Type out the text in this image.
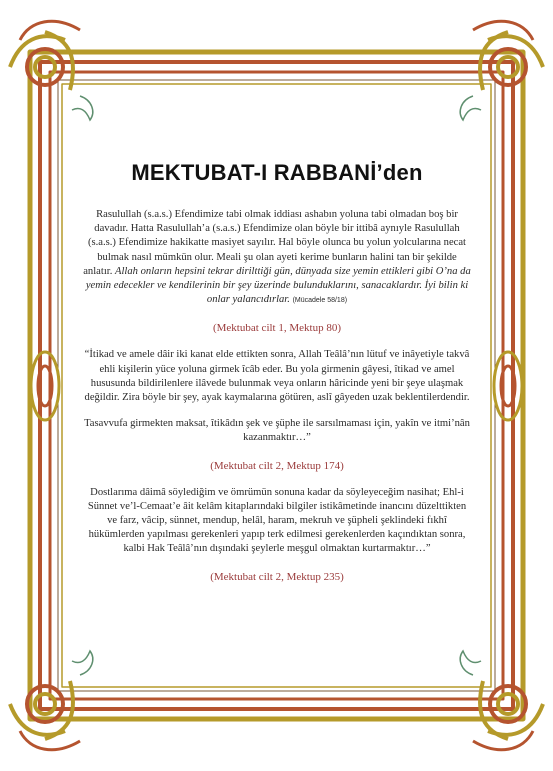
MEKTUBAT-I RABBANİ’den

Rasulullah (s.a.s.) Efendimize tabi olmak iddiası ashabın yoluna tabi olmadan boş bir davadır. Hatta Rasulullah’a (s.a.s.) Efendimize olan böyle bir ittibâ aynıyle Rasulullah (s.a.s.) Efendimize hakikatte masiyet sayılır. Hal böyle olunca bu yolun yolcularına necat bulmak nasıl mümkün olur. Meali şu olan ayeti kerime bunların halini tan bir şekilde anlatır. Allah onların hepsini tekrar dirilttiği gün, dünyada size yemin ettikleri gibi O’na da yemin edecekler ve kendilerinin bir şey üzerinde bulunduklarını, sanacaklardır. İyi bilin ki onlar yalancıdırlar. (Mücadele 58/18)

(Mektubat cilt 1, Mektup 80)

“İtikad ve amele dâir iki kanat elde ettikten sonra, Allah Teâlâ’nın lütuf ve inâyetiyle takvâ ehli kişilerin yüce yoluna girmek îcâb eder. Bu yola girmenin gâyesi, îtikad ve amel hususunda bildirilenlere ilâvede bulunmak veya onların hâricinde yeni bir şeye ulaşmak değildir. Zira böyle bir şey, ayak kaymalarına götüren, aslî gâyeden uzak beklentilerdendir.

Tasavvufa girmekten maksat, îtikâdın şek ve şüphe ile sarsılmaması için, yakîn ve itmi’nân kazanmaktır…”

(Mektubat cilt 2, Mektup 174)

Dostlarıma dâimâ söylediğim ve ömrümün sonuna kadar da söyleyeceğim nasihat; Ehl-i Sünnet ve’l-Cemaat’e âit kelâm kitaplarındaki bilgiler istikâmetinde inancını düzelttikten ve farz, vâcip, sünnet, mendup, helâl, haram, mekruh ve şüpheli şeklindeki fıkhî hükümlerden yapılması gerekenleri yapıp terk edilmesi gerekenlerden kaçındıktan sonra, kalbi Hak Teâlâ’nın dışındaki şeylerle meşgul olmaktan kurtarmaktır…”

(Mektubat cilt 2, Mektup 235)
